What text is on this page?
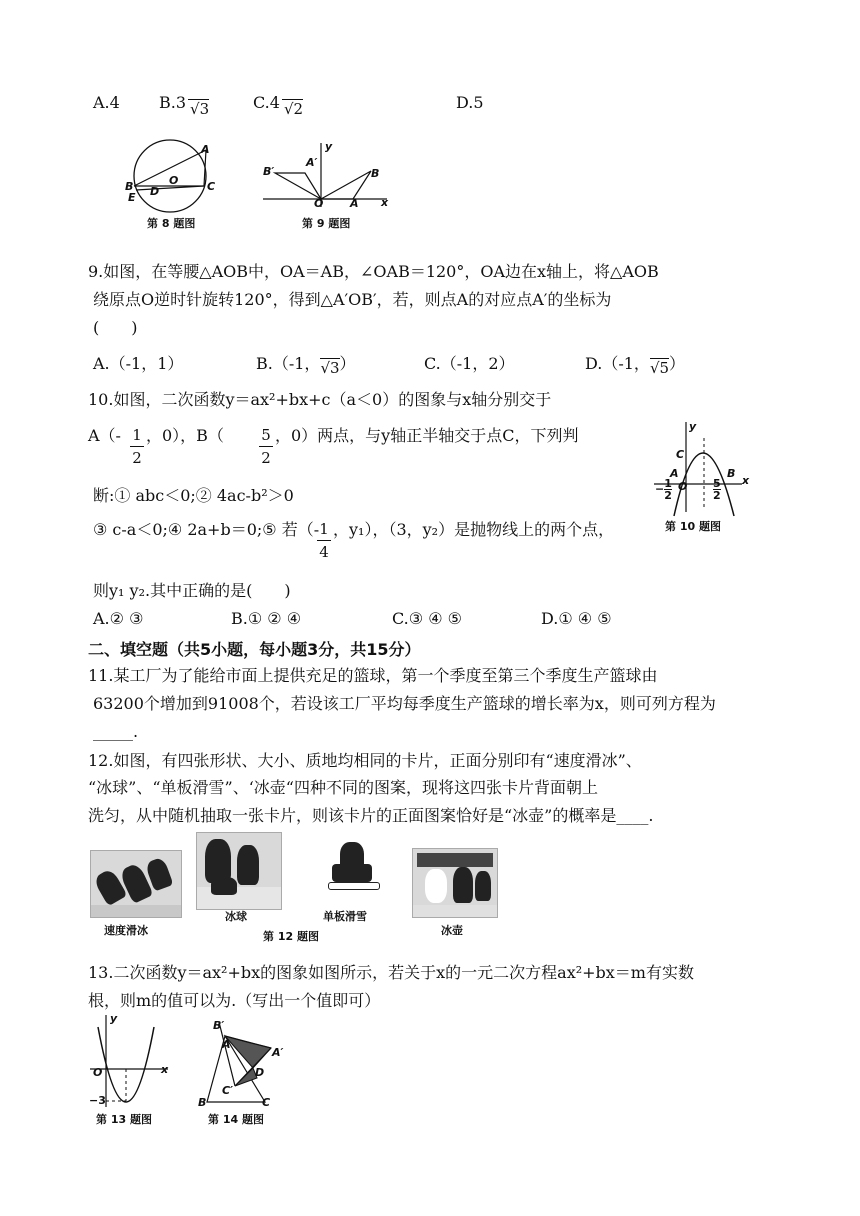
A.4 B.3 √3	C.4 √2	D.5
A
O
B
E D	C
第 8 题图
y
B′
A′
B
O A x
第 9 题图
9.如图，在等腰△AOB中，OA＝AB，∠OAB＝120°，OA边在x轴上，将△AOB
绕原点O逆时针旋转120°，得到△A′OB′，若，则点A的对应点A′的坐标为
(　　)
A.（-1，1）	B.（-1，√3）	C.（-1，2）	D.（-1，√5）
10.如图，二次函数y＝ax²+bx+c（a＜0）的图象与x轴分别交于
A（- 1
2
，0），B（ 5
2
，0）两点，与y轴正半轴交于点C，下列判
断:① abc＜0;② 4ac-b²＞0
③ c-a＜0;④ 2a+b＝0;⑤ 若（- 1
4
，y₁），（3，y₂）是抛物线上的两个点，
则y₁ y₂.其中正确的是(　　)
A.② ③	B.① ② ④	C.③ ④ ⑤	D.① ④ ⑤
y
C
A
O
B
x
− $\frac{1}{2}$	$\frac{5}{2}$
第 10 题图
二、填空题（共5小题，每小题3分，共15分）
11.某工厂为了能给市面上提供充足的篮球，第一个季度至第三个季度生产篮球由
63200个增加到91008个，若设该工厂平均每季度生产篮球的增长率为x，则可列方程为
_____.
12.如图，有四张形状、大小、质地均相同的卡片，正面分别印有“速度滑冰”、
“冰球”、“单板滑雪”、‘冰壶“四种不同的图案，现将这四张卡片背面朝上
洗匀，从中随机抽取一张卡片，则该卡片的正面图案恰好是“冰壶”的概率是____.
速度滑冰
冰球	单板滑雪
冰壶
第 12 题图
13.二次函数y＝ax²+bx的图象如图所示，若关于x的一元二次方程ax²+bx＝m有实数
根，则m的值可以为.（写出一个值即可）
y
O	x
−3
第 13 题图
B′
A
A′
D
C′
B	C
第 14 题图
